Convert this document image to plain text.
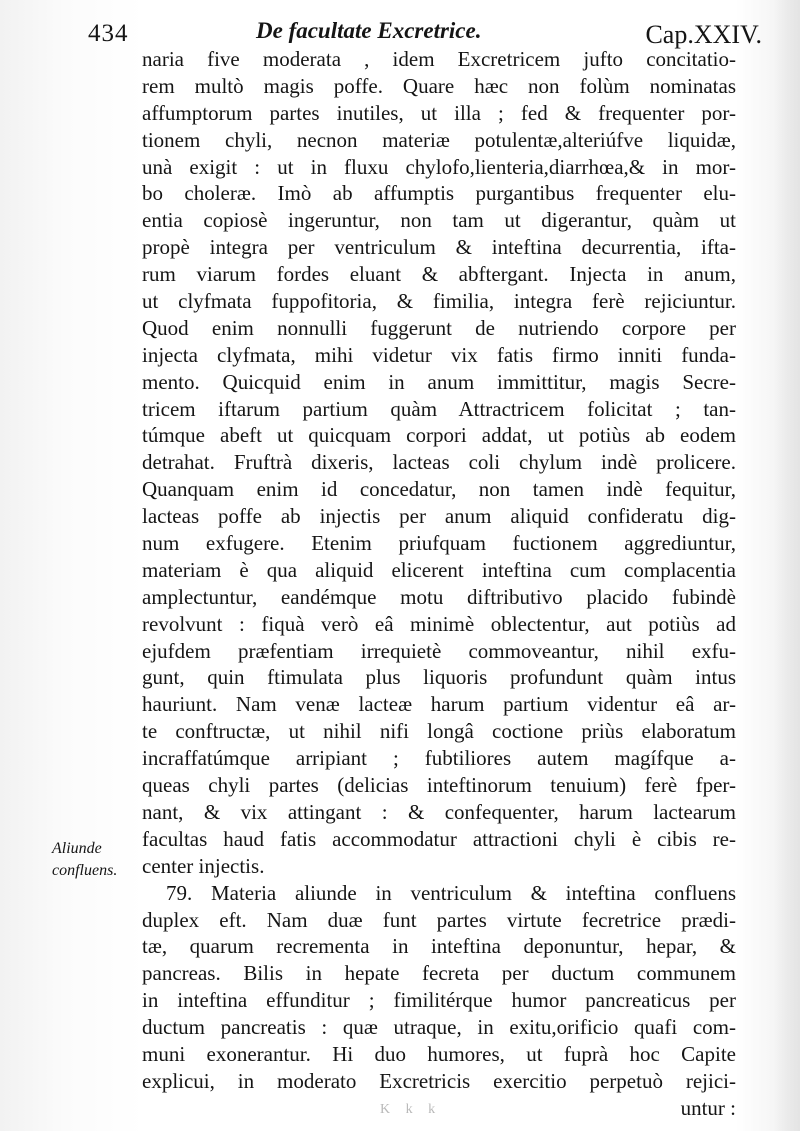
434	De facultate Excretrice.	Cap.XXIV.
naria five moderata , idem Excretricem jufto concitatio-
rem multò magis poffe. Quare hæc non folùm nominatas
affumptorum partes inutiles, ut illa ; fed & frequenter por-
tionem chyli, necnon materiæ potulentæ,alteriúfve liquidæ,
unà exigit : ut in fluxu chylofo,lienteria,diarrhœa,& in mor-
bo choleræ. Imò ab affumptis purgantibus frequenter elu-
entia copiosè ingeruntur, non tam ut digerantur, quàm ut
propè integra per ventriculum & inteftina decurrentia, ifta-
rum viarum fordes eluant & abftergant. Injecta in anum,
ut clyfmata fuppofitoria, & fimilia, integra ferè rejiciuntur.
Quod enim nonnulli fuggerunt de nutriendo corpore per
injecta clyfmata, mihi videtur vix fatis firmo inniti funda-
mento. Quicquid enim in anum immittitur, magis Secre-
tricem iftarum partium quàm Attractricem folicitat ; tan-
túmque abeft ut quicquam corpori addat, ut potiùs ab eodem
detrahat. Fruftrà dixeris, lacteas coli chylum indè prolicere.
Quanquam enim id concedatur, non tamen indè fequitur,
lacteas poffe ab injectis per anum aliquid confideratu dig-
num exfugere. Etenim priufquam fuctionem aggrediuntur,
materiam è qua aliquid elicerent inteftina cum complacentia
amplectuntur, eandémque motu diftributivo placido fubindè
revolvunt : fiquà verò eâ minimè oblectentur, aut potiùs ad
ejufdem præfentiam irrequietè commoveantur, nihil exfu-
gunt, quin ftimulata plus liquoris profundunt quàm intus
hauriunt. Nam venæ lacteæ harum partium videntur eâ ar-
te conftructæ, ut nihil nifi longâ coctione priùs elaboratum
incraffatúmque arripiant ; fubtiliores autem magífque a-
queas chyli partes (delicias inteftinorum tenuium) ferè fper-
nant, & vix attingant : & confequenter, harum lactearum
facultas haud fatis accommodatur attractioni chyli è cibis re-
center injectis.
79. Materia aliunde in ventriculum & inteftina confluens
duplex eft. Nam duæ funt partes virtute fecretrice prædi-
tæ, quarum recrementa in inteftina deponuntur, hepar, &
pancreas. Bilis in hepate fecreta per ductum communem
in inteftina effunditur ; fimilitérque humor pancreaticus per
ductum pancreatis : quæ utraque, in exitu,orificio quafi com-
muni exonerantur. Hi duo humores, ut fuprà hoc Capite
explicui, in moderato Excretricis exercitio perpetuò rejici-
untur :
Aliunde
confluens.
K k k
